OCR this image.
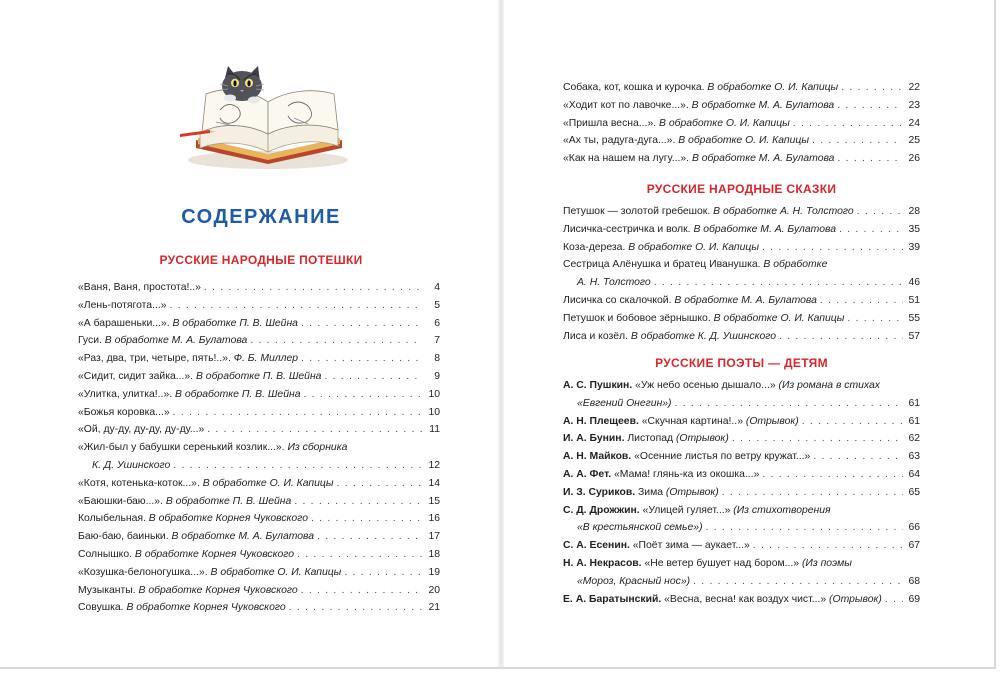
СОДЕРЖАНИЕ
РУССКИЕ НАРОДНЫЕ ПОТЕШКИ
«Ваня, Ваня, простота!..» . . .	4
«Лень-потягота...» . . .	5
«А барашеньки...». В обработке П. В. Шейна . . .	6
Гуси. В обработке М. А. Булатова . . .	7
«Раз, два, три, четыре, пять!..». Ф. Б. Миллер . . .	8
«Сидит, сидит зайка...». В обработке П. В. Шейна . . .	9
«Улитка, улитка!..». В обработке П. В. Шейна . . .	10
«Божья коровка...» . . .	10
«Ой, ду-ду, ду-ду, ду-ду...» . . .	11
«Жил-был у бабушки серенький козлик...». Из сборника
К. Д. Ушинского . . .	12
«Котя, котенька-коток...». В обработке О. И. Капицы . . .	14
«Баюшки-баю...». В обработке П. В. Шейна . . .	15
Колыбельная. В обработке Корнея Чуковского . . .	16
Баю-баю, баиньки. В обработке М. А. Булатова . . .	17
Солнышко. В обработке Корнея Чуковского . . .	18
«Козушка-белоногушка...». В обработке О. И. Капицы . . .	19
Музыканты. В обработке Корнея Чуковского . . .	20
Совушка. В обработке Корнея Чуковского . . .	21
Собака, кот, кошка и курочка. В обработке О. И. Капицы . . .	22
«Ходит кот по лавочке...». В обработке М. А. Булатова . . .	23
«Пришла весна...». В обработке О. И. Капицы . . .	24
«Ах ты, радуга-дуга...». В обработке О. И. Капицы . . .	25
«Как на нашем на лугу...». В обработке М. А. Булатова . . .	26
РУССКИЕ НАРОДНЫЕ СКАЗКИ
Петушок — золотой гребешок. В обработке А. Н. Толстого . . .	28
Лисичка-сестричка и волк. В обработке М. А. Булатова . . .	35
Коза-дереза. В обработке О. И. Капицы . . .	39
Сестрица Алёнушка и братец Иванушка. В обработке
А. Н. Толстого . . .	46
Лисичка со скалочкой. В обработке М. А. Булатова . . .	51
Петушок и бобовое зёрнышко. В обработке О. И. Капицы . . .	55
Лиса и козёл. В обработке К. Д. Ушинского . . .	57
РУССКИЕ ПОЭТЫ — ДЕТЯМ
А. С. Пушкин. «Уж небо осенью дышало...» (Из романа в стихах
«Евгений Онегин») . . .	61
А. Н. Плещеев. «Скучная картина!..» (Отрывок) . . .	61
И. А. Бунин. Листопад (Отрывок) . . .	62
А. Н. Майков. «Осенние листья по ветру кружат...» . . .	63
А. А. Фет. «Мама! глянь-ка из окошка...» . . .	64
И. З. Суриков. Зима (Отрывок) . . .	65
С. Д. Дрожжин. «Улицей гуляет...» (Из стихотворения
«В крестьянской семье») . . .	66
С. А. Есенин. «Поёт зима — аукает...» . . .	67
Н. А. Некрасов. «Не ветер бушует над бором...» (Из поэмы
«Мороз, Красный нос») . . .	68
Е. А. Баратынский. «Весна, весна! как воздух чист...» (Отрывок) . . .	69
